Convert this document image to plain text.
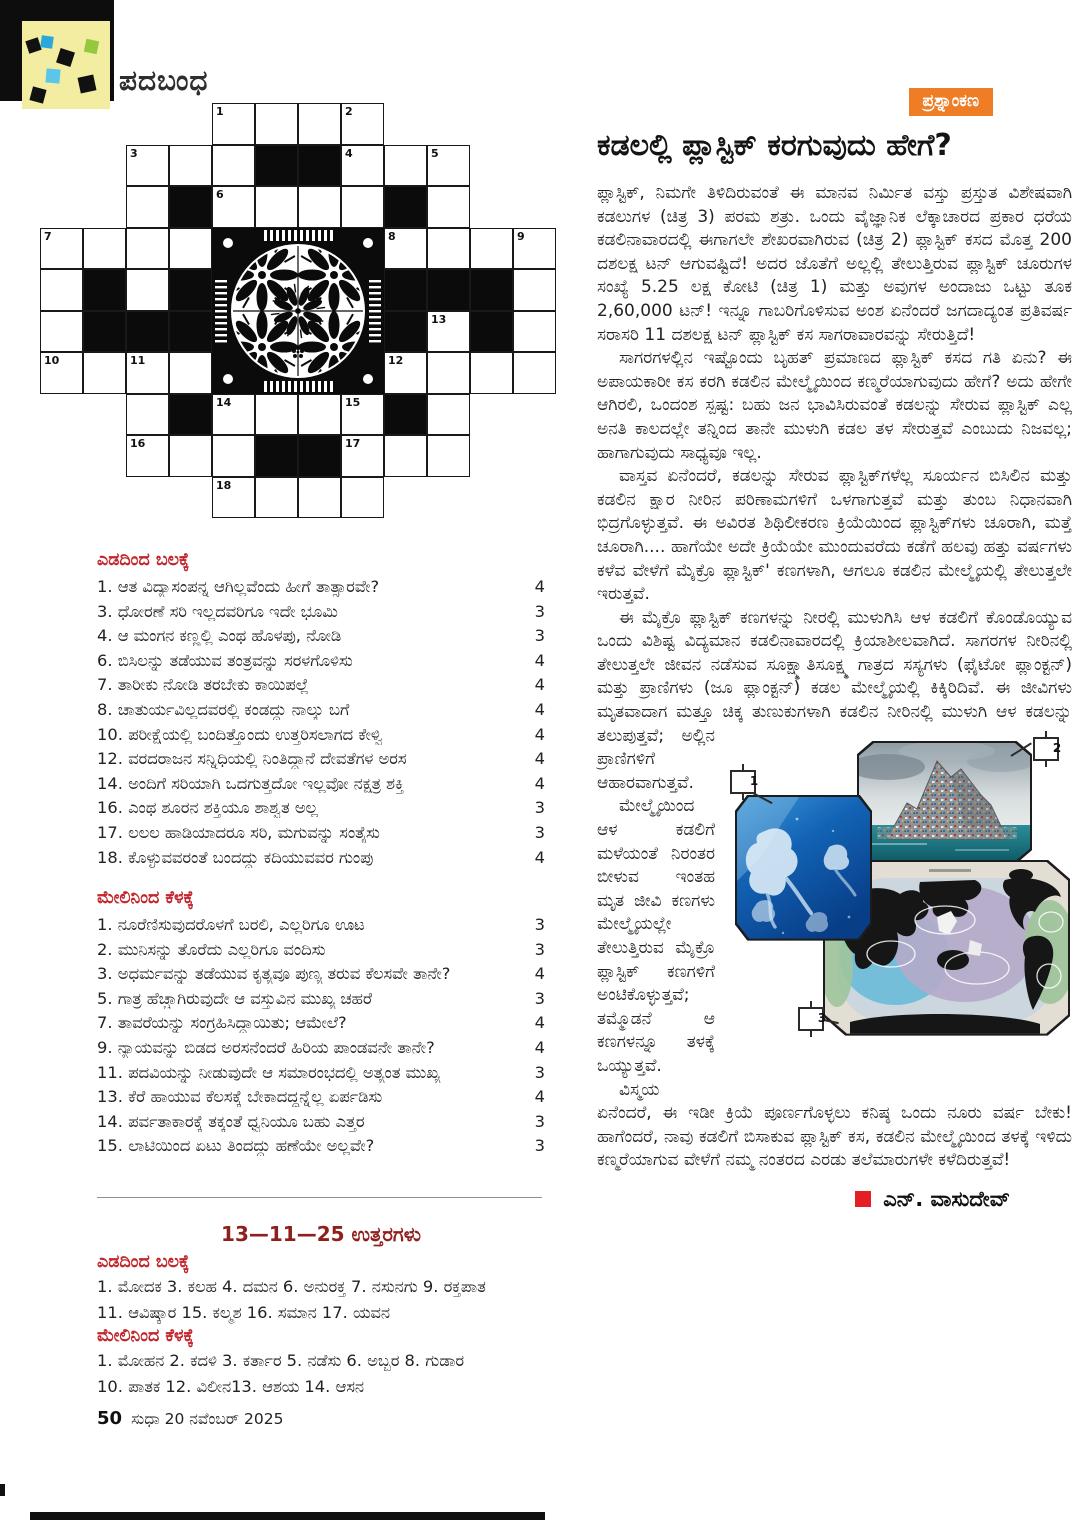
ಪದಬಂಧ
1	2
3	4	5
6
7	8	9
13
10	11	12
14	15
16	17
18
ಎಡದಿಂದ ಬಲಕ್ಕೆ
1. ಆತ ವಿದ್ಯಾಸಂಪನ್ನ ಆಗಿಲ್ಲವೆಂದು ಹೀಗೆ ತಾತ್ಸಾರವೇ?	4
3. ಧೋರಣೆ ಸರಿ ಇಲ್ಲದವರಿಗೂ ಇದೇ ಭೂಮಿ	3
4. ಆ ಮಂಗನ ಕಣ್ಣಲ್ಲಿ ಎಂಥ ಹೊಳಪು, ನೋಡಿ	3
6. ಬಿಸಿಲನ್ನು ತಡೆಯುವ ತಂತ್ರವನ್ನು ಸರಳಗೊಳಿಸು	4
7. ತಾರೀಕು ನೋಡಿ ತರಬೇಕು ಕಾಯಿಪಲ್ಲೆ	4
8. ಚಾತುರ್ಯವಿಲ್ಲದವರಲ್ಲಿ ಕಂಡದ್ದು ನಾಲ್ಕು ಬಗೆ	4
10. ಪರೀಕ್ಷೆಯಲ್ಲಿ ಬಂದಿತ್ತೊಂದು ಉತ್ತರಿಸಲಾಗದ ಕೇಳ್ವಿ	4
12. ವರದರಾಜನ ಸನ್ನಿಧಿಯಲ್ಲಿ ನಿಂತಿದ್ದಾನೆ ದೇವತೆಗಳ ಅರಸ	4
14. ಅಂದಿಗೆ ಸರಿಯಾಗಿ ಒದಗುತ್ತದೋ ಇಲ್ಲವೋ ನಕ್ಷತ್ರ ಶಕ್ತಿ	4
16. ಎಂಥ ಶೂರನ ಶಕ್ತಿಯೂ ಶಾಶ್ವತ ಅಲ್ಲ	3
17. ಲಲಲ ಹಾಡಿಯಾದರೂ ಸರಿ, ಮಗುವನ್ನು ಸಂತೈಸು	3
18. ಕೊಳ್ಳುವವರಂತೆ ಬಂದದ್ದು ಕದಿಯುವವರ ಗುಂಪು	4
ಮೇಲಿನಿಂದ ಕೆಳಕ್ಕೆ
1. ನೂರೆಣಿಸುವುದರೊಳಗೆ ಬರಲಿ, ಎಲ್ಲರಿಗೂ ಊಟ	3
2. ಮುನಿಸನ್ನು ತೊರೆದು ಎಲ್ಲರಿಗೂ ವಂದಿಸು	3
3. ಅಧರ್ಮವನ್ನು ತಡೆಯುವ ಕೃತ್ಯವೂ ಪುಣ್ಯ ತರುವ ಕೆಲಸವೇ ತಾನೇ?	4
5. ಗಾತ್ರ ಹೆಚ್ಚಾಗಿರುವುದೇ ಆ ವಸ್ತುವಿನ ಮುಖ್ಯ ಚಹರೆ	3
7. ತಾವರೆಯನ್ನು ಸಂಗ್ರಹಿಸಿದ್ದಾಯಿತು; ಆಮೇಲೆ?	4
9. ನ್ಯಾಯವನ್ನು ಬಿಡದ ಅರಸನೆಂದರೆ ಹಿರಿಯ ಪಾಂಡವನೇ ತಾನೇ?	4
11. ಪದವಿಯನ್ನು ನೀಡುವುದೇ ಆ ಸಮಾರಂಭದಲ್ಲಿ ಅತ್ಯಂತ ಮುಖ್ಯ	3
13. ಕೆರೆ ಹಾಯುವ ಕೆಲಸಕ್ಕೆ ಬೇಕಾದದ್ದನ್ನೆಲ್ಲ ಏರ್ಪಡಿಸು	4
14. ಪರ್ವತಾಕಾರಕ್ಕೆ ತಕ್ಕಂತೆ ಧ್ವನಿಯೂ ಬಹು ಎತ್ತರ	3
15. ಲಾಟಿಯಿಂದ ಏಟು ತಿಂದದ್ದು ಹಣೆಯೇ ಅಲ್ಲವೇ?	3
13—11—25 ಉತ್ತರಗಳು
ಎಡದಿಂದ ಬಲಕ್ಕೆ
1. ಮೋದಕ 3. ಕಲಹ 4. ದಮನ 6. ಅನುರಕ್ತ 7. ನಸುನಗು 9. ರಕ್ತಪಾತ
11. ಆವಿಷ್ಕಾರ 15. ಕಲ್ಮಶ 16. ಸಮಾನ 17. ಯವನ
ಮೇಲಿನಿಂದ ಕೆಳಕ್ಕೆ
1. ಮೋಹನ 2. ಕದಳಿ 3. ಕರ್ತಾರ 5. ನಡೆಸು 6. ಅಬ್ಬರ 8. ಗುಡಾರ
10. ಪಾತಕ 12. ವಿಲೀನ13. ಆಶಯ 14. ಆಸನ
50 ಸುಧಾ 20 ನವೆಂಬರ್ 2025
ಪ್ರಶ್ನಾಂಕಣ
ಕಡಲಲ್ಲಿ ಪ್ಲಾಸ್ಟಿಕ್ ಕರಗುವುದು ಹೇಗೆ?

ಪ್ಲಾಸ್ಟಿಕ್, ನಿಮಗೇ ತಿಳಿದಿರುವಂತೆ ಈ ಮಾನವ ನಿರ್ಮಿತ ವಸ್ತು ಪ್ರಸ್ತುತ ವಿಶೇಷವಾಗಿ ಕಡಲುಗಳ (ಚಿತ್ರ 3) ಪರಮ ಶತ್ರು. ಒಂದು ವೈಜ್ಞಾನಿಕ ಲೆಕ್ಕಾಚಾರದ ಪ್ರಕಾರ ಧರೆಯ ಕಡಲಿನಾವಾರದಲ್ಲಿ ಈಗಾಗಲೇ ಶೇಖರವಾಗಿರುವ (ಚಿತ್ರ 2) ಪ್ಲಾಸ್ಟಿಕ್ ಕಸದ ಮೊತ್ತ 200 ದಶಲಕ್ಷ ಟನ್ ಆಗುವಷ್ಟಿದೆ! ಅದರ ಜೊತೆಗೆ ಅಲ್ಲಲ್ಲಿ ತೇಲುತ್ತಿರುವ ಪ್ಲಾಸ್ಟಿಕ್ ಚೂರುಗಳ ಸಂಖ್ಯೆ 5.25 ಲಕ್ಷ ಕೋಟಿ (ಚಿತ್ರ 1) ಮತ್ತು ಅವುಗಳ ಅಂದಾಜು ಒಟ್ಟು ತೂಕ 2,60,000 ಟನ್! ಇನ್ನೂ ಗಾಬರಿಗೊಳಿಸುವ ಅಂಶ ಏನೆಂದರೆ ಜಗದಾದ್ಯಂತ ಪ್ರತಿವರ್ಷ ಸರಾಸರಿ 11 ದಶಲಕ್ಷ ಟನ್ ಪ್ಲಾಸ್ಟಿಕ್ ಕಸ ಸಾಗರಾವಾರವನ್ನು ಸೇರುತ್ತಿದೆ!

ಸಾಗರಗಳಲ್ಲಿನ ಇಷ್ಟೊಂದು ಬೃಹತ್ ಪ್ರಮಾಣದ ಪ್ಲಾಸ್ಟಿಕ್ ಕಸದ ಗತಿ ಏನು? ಈ ಅಪಾಯಕಾರೀ ಕಸ ಕರಗಿ ಕಡಲಿನ ಮೇಲ್ಮೈಯಿಂದ ಕಣ್ಮರೆಯಾಗುವುದು ಹೇಗೆ? ಅದು ಹೇಗೇ ಆಗಿರಲಿ, ಒಂದಂಶ ಸ್ಪಷ್ಟ: ಬಹು ಜನ ಭಾವಿಸಿರುವಂತೆ ಕಡಲನ್ನು ಸೇರುವ ಪ್ಲಾಸ್ಟಿಕ್ ಎಲ್ಲ ಅನತಿ ಕಾಲದಲ್ಲೇ ತನ್ನಿಂದ ತಾನೇ ಮುಳುಗಿ ಕಡಲ ತಳ ಸೇರುತ್ತವೆ ಎಂಬುದು ನಿಜವಲ್ಲ; ಹಾಗಾಗುವುದು ಸಾಧ್ಯವೂ ಇಲ್ಲ.

ವಾಸ್ತವ ಏನೆಂದರೆ, ಕಡಲನ್ನು ಸೇರುವ ಪ್ಲಾಸ್ಟಿಕ್‌ಗಳೆಲ್ಲ ಸೂರ್ಯನ ಬಿಸಿಲಿನ ಮತ್ತು ಕಡಲಿನ ಕ್ಷಾರ ನೀರಿನ ಪರಿಣಾಮಗಳಿಗೆ ಒಳಗಾಗುತ್ತವೆ ಮತ್ತು ತುಂಬ ನಿಧಾನವಾಗಿ ಭಿದ್ರಗೊಳ್ಳುತ್ತವೆ. ಈ ಅವಿರತ ಶಿಥಿಲೀಕರಣ ಕ್ರಿಯೆಯಿಂದ ಪ್ಲಾಸ್ಟಿಕ್‌ಗಳು ಚೂರಾಗಿ, ಮತ್ತೆ ಚೂರಾಗಿ.... ಹಾಗೆಯೇ ಅದೇ ಕ್ರಿಯೆಯೇ ಮುಂದುವರೆದು ಕಡೆಗೆ ಹಲವು ಹತ್ತು ವರ್ಷಗಳು ಕಳೆವ ವೇಳೆಗೆ ಮೈಕ್ರೊ ಪ್ಲಾಸ್ಟಿಕ್' ಕಣಗಳಾಗಿ, ಆಗಲೂ ಕಡಲಿನ ಮೇಲ್ಮೈಯಲ್ಲಿ ತೇಲುತ್ತಲೇ ಇರುತ್ತವೆ.

ಈ ಮೈಕ್ರೊ ಪ್ಲಾಸ್ಟಿಕ್ ಕಣಗಳನ್ನು ನೀರಲ್ಲಿ ಮುಳುಗಿಸಿ ಆಳ ಕಡಲಿಗೆ ಕೊಂಡೊಯ್ಯುವ ಒಂದು ವಿಶಿಷ್ಟ ವಿದ್ಯಮಾನ ಕಡಲಿನಾವಾರದಲ್ಲಿ ಕ್ರಿಯಾಶೀಲವಾಗಿದೆ. ಸಾಗರಗಳ ನೀರಿನಲ್ಲಿ ತೇಲುತ್ತಲೇ ಜೀವನ ನಡೆಸುವ ಸೂಕ್ಷ್ಮಾತಿಸೂಕ್ಷ್ಮ ಗಾತ್ರದ ಸಸ್ಯಗಳು (ಫೈಟೋ ಪ್ಲಾಂಕ್ಟನ್) ಮತ್ತು ಪ್ರಾಣಿಗಳು (ಜೂ ಪ್ಲಾಂಕ್ಟನ್) ಕಡಲ ಮೇಲ್ಮೈಯಲ್ಲಿ ಕಿಕ್ಕಿರಿದಿವೆ. ಈ ಜೀವಿಗಳು ಮೃತವಾದಾಗ ಮತ್ತೂ ಚಿಕ್ಕ ತುಣುಕುಗಳಾಗಿ ಕಡಲಿನ ನೀರಿನಲ್ಲಿ ಮುಳುಗಿ
1
2
3
ಆಳ ಕಡಲನ್ನು ತಲುಪುತ್ತವೆ; ಅಲ್ಲಿನ ಪ್ರಾಣಿಗಳಿಗೆ ಆಹಾರವಾಗುತ್ತವೆ.

ಮೇಲ್ಮೈಯಿಂದ ಆಳ ಕಡಲಿಗೆ ಮಳೆಯಂತೆ ನಿರಂತರ ಬೀಳುವ ಇಂತಹ ಮೃತ ಜೀವಿ ಕಣಗಳು ಮೇಲ್ಮೈಯಲ್ಲೇ ತೇಲುತ್ತಿರುವ ಮೈಕ್ರೊ ಪ್ಲಾಸ್ಟಿಕ್ ಕಣಗಳಿಗೆ ಅಂಟಿಕೊಳ್ಳುತ್ತವೆ; ತಮ್ಮೊಡನೆ ಆ ಕಣಗಳನ್ನೂ ತಳಕ್ಕೆ ಒಯ್ಯುತ್ತವೆ.

ವಿಸ್ಮಯ ಏನೆಂದರೆ, ಈ ಇಡೀ ಕ್ರಿಯೆ ಪೂರ್ಣಗೊಳ್ಳಲು ಕನಿಷ್ಠ ಒಂದು ನೂರು ವರ್ಷ ಬೇಕು! ಹಾಗೆಂದರೆ, ನಾವು ಕಡಲಿಗೆ ಬಿಸಾಕುವ ಪ್ಲಾಸ್ಟಿಕ್ ಕಸ, ಕಡಲಿನ ಮೇಲ್ಮೈಯಿಂದ ತಳಕ್ಕೆ ಇಳಿದು ಕಣ್ಮರೆಯಾಗುವ ವೇಳೆಗೆ ನಮ್ಮ ನಂತರದ ಎರಡು ತಲೆಮಾರುಗಳೇ ಕಳೆದಿರುತ್ತವೆ!

ಎನ್. ವಾಸುದೇವ್
